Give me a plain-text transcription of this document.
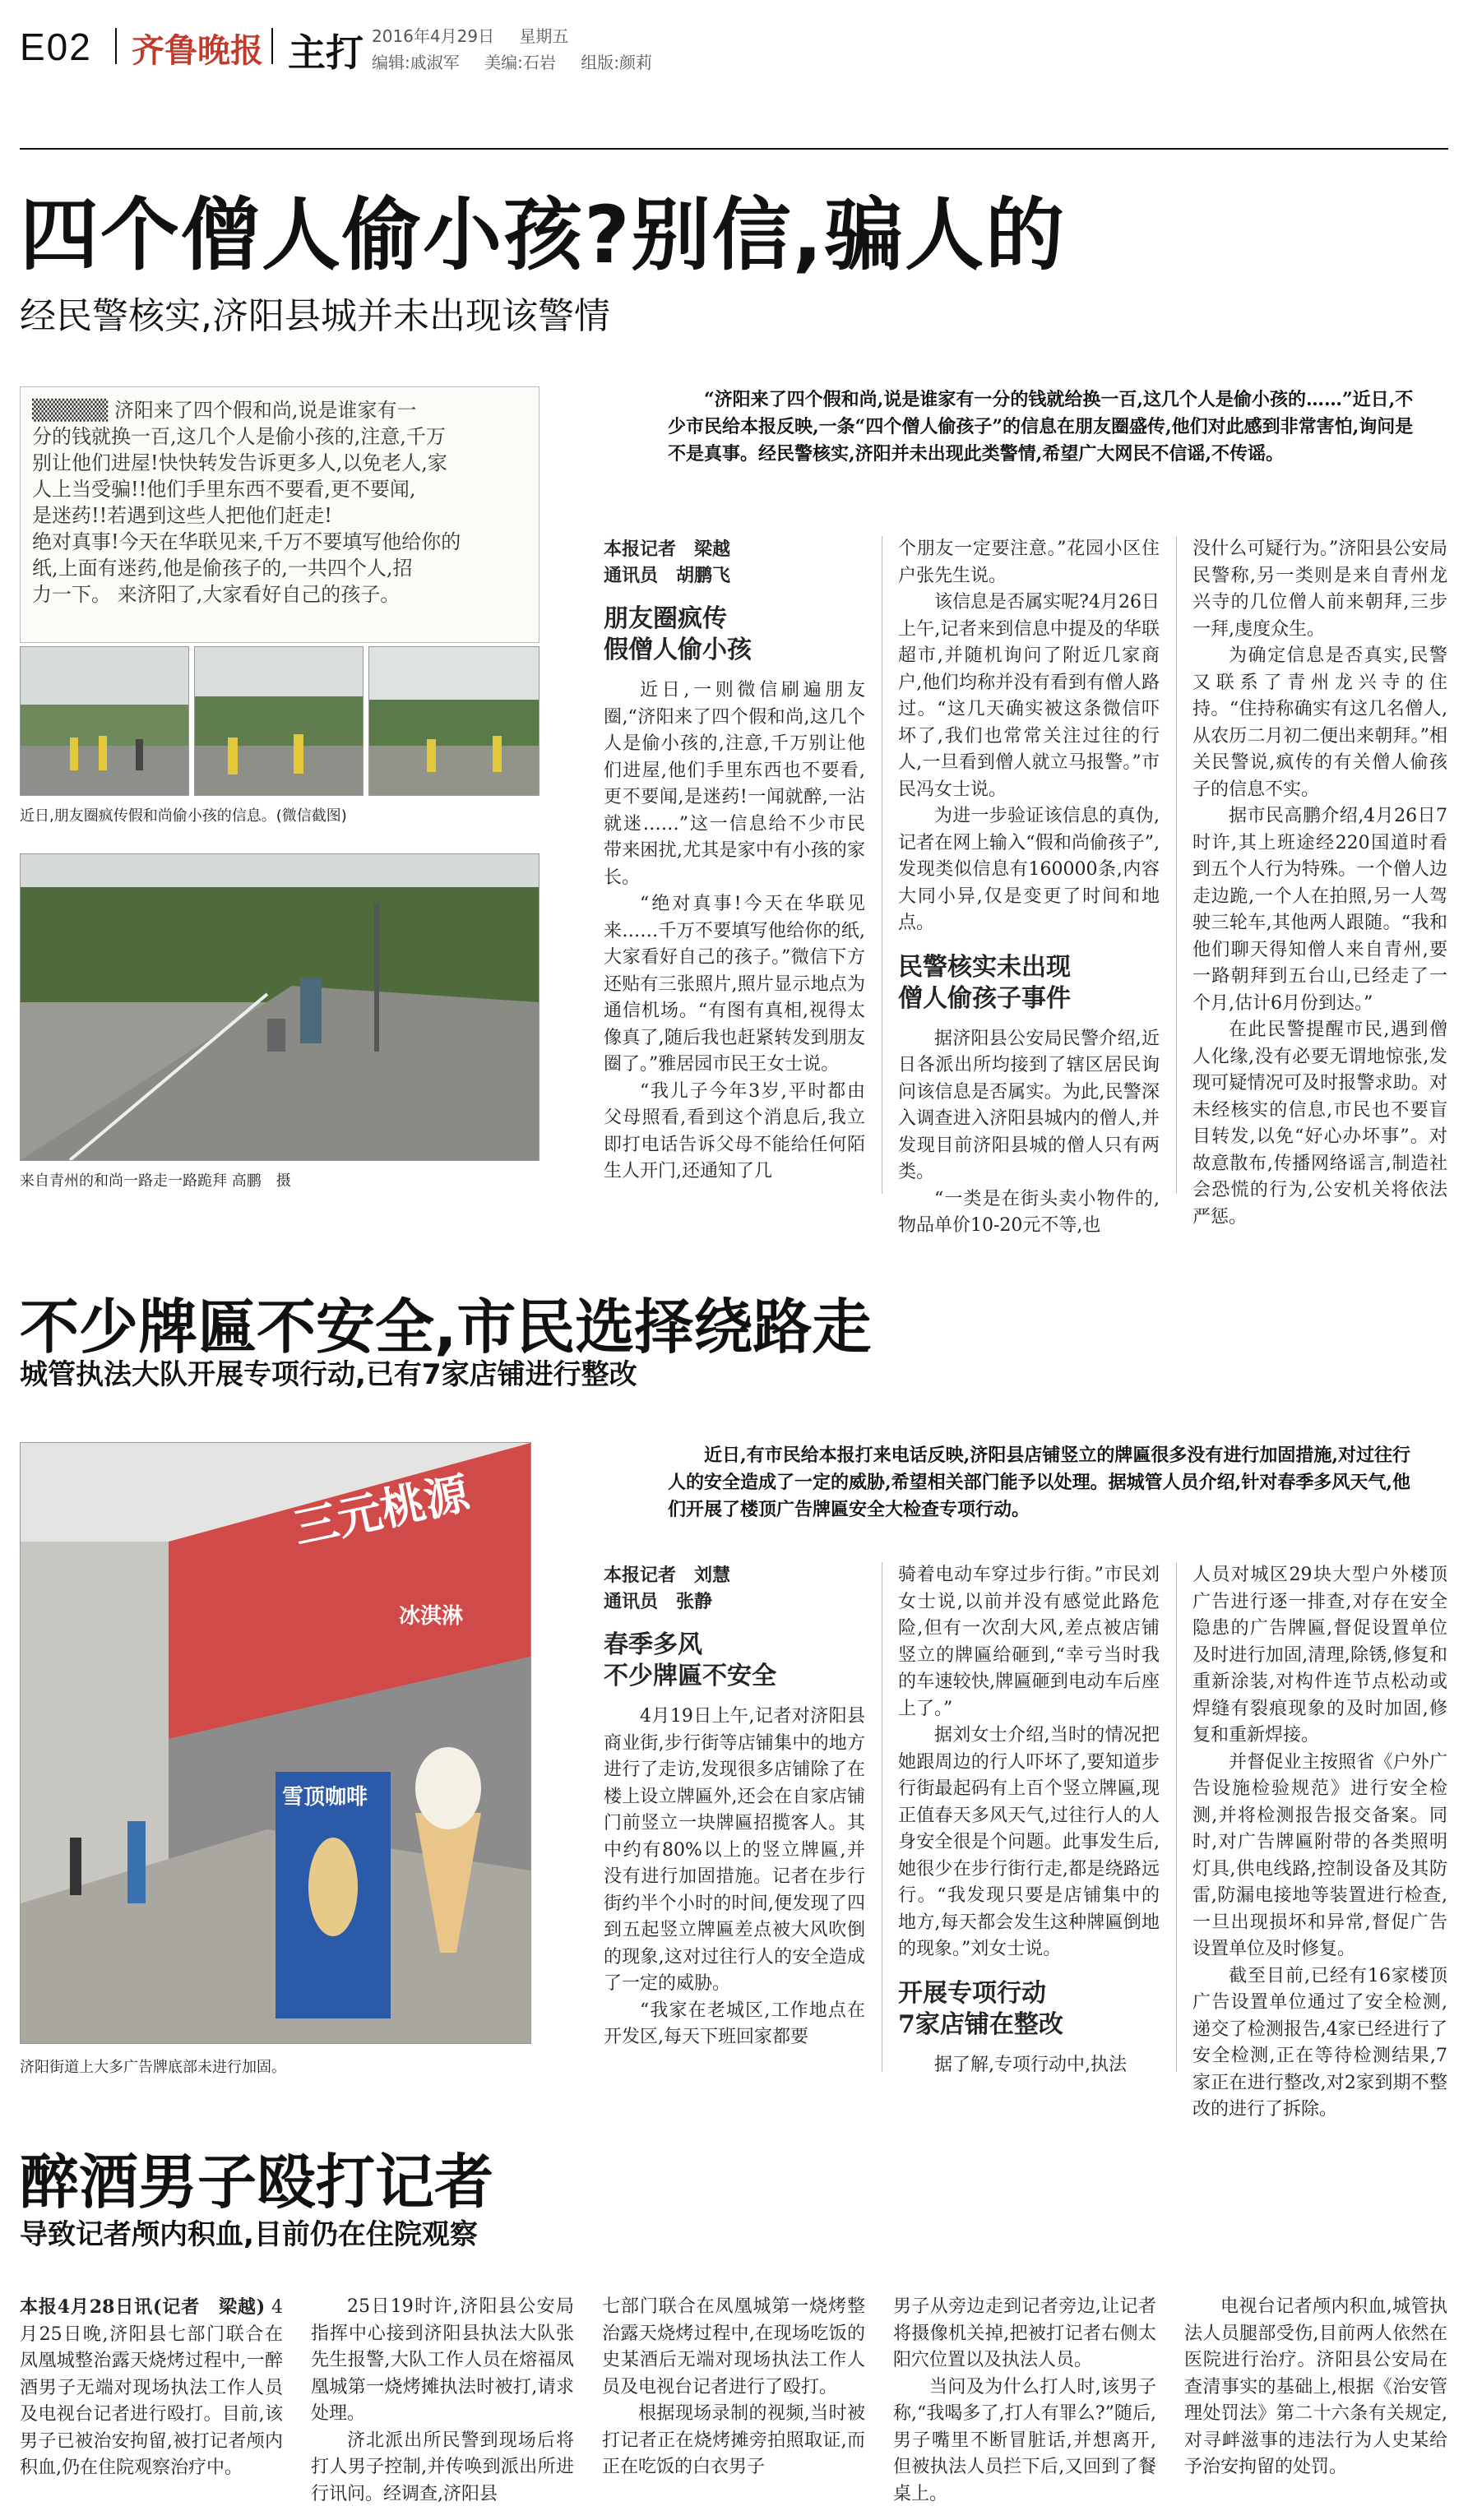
E02 齐鲁晚报 主打 2016年4月29日 星期五
编辑:戚淑军 美编:石岩 组版:颜莉
四个僧人偷小孩?别信,骗人的
经民警核实,济阳县城并未出现该警情
▒▒▒▒▒ 济阳来了四个假和尚,说是谁家有一
分的钱就换一百,这几个人是偷小孩的,注意,千万
别让他们进屋!快快转发告诉更多人,以免老人,家
人上当受骗!!他们手里东西不要看,更不要闻,
是迷药!!若遇到这些人把他们赶走!
绝对真事!今天在华联见来,千万不要填写他给你的
纸,上面有迷药,他是偷孩子的,一共四个人,招
力一下。 来济阳了,大家看好自己的孩子。
近日,朋友圈疯传假和尚偷小孩的信息。(微信截图)
来自青州的和尚一路走一路跪拜 高鹏　摄
“济阳来了四个假和尚,说是谁家有一分的钱就给换一百,这几个人是偷小孩的……”近日,不少市民给本报反映,一条“四个僧人偷孩子”的信息在朋友圈盛传,他们对此感到非常害怕,询问是不是真事。经民警核实,济阳并未出现此类警情,希望广大网民不信谣,不传谣。
本报记者　梁越
通讯员　胡鹏飞
朋友圈疯传
假僧人偷小孩

近日,一则微信刷遍朋友圈,“济阳来了四个假和尚,这几个人是偷小孩的,注意,千万别让他们进屋,他们手里东西也不要看,更不要闻,是迷药!一闻就醉,一沾就迷……”这一信息给不少市民带来困扰,尤其是家中有小孩的家长。

“绝对真事!今天在华联见来……千万不要填写他给你的纸,大家看好自己的孩子。”微信下方还贴有三张照片,照片显示地点为通信机场。“有图有真相,视得太像真了,随后我也赶紧转发到朋友圈了。”雅居园市民王女士说。

“我儿子今年3岁,平时都由父母照看,看到这个消息后,我立即打电话告诉父母不能给任何陌生人开门,还通知了几

个朋友一定要注意。”花园小区住户张先生说。

该信息是否属实呢?4月26日上午,记者来到信息中提及的华联超市,并随机询问了附近几家商户,他们均称并没有看到有僧人路过。“这几天确实被这条微信吓坏了,我们也常常关注过往的行人,一旦看到僧人就立马报警。”市民冯女士说。

为进一步验证该信息的真伪,记者在网上输入“假和尚偷孩子”,发现类似信息有160000条,内容大同小异,仅是变更了时间和地点。

民警核实未出现
僧人偷孩子事件

据济阳县公安局民警介绍,近日各派出所均接到了辖区居民询问该信息是否属实。为此,民警深入调查进入济阳县城内的僧人,并发现目前济阳县城的僧人只有两类。

“一类是在街头卖小物件的,物品单价10-20元不等,也

没什么可疑行为。”济阳县公安局民警称,另一类则是来自青州龙兴寺的几位僧人前来朝拜,三步一拜,虔度众生。

为确定信息是否真实,民警又联系了青州龙兴寺的住持。“住持称确实有这几名僧人,从农历二月初二便出来朝拜。”相关民警说,疯传的有关僧人偷孩子的信息不实。

据市民高鹏介绍,4月26日7时许,其上班途经220国道时看到五个人行为特殊。一个僧人边走边跪,一个人在拍照,另一人驾驶三轮车,其他两人跟随。“我和他们聊天得知僧人来自青州,要一路朝拜到五台山,已经走了一个月,估计6月份到达。”

在此民警提醒市民,遇到僧人化缘,没有必要无谓地惊张,发现可疑情况可及时报警求助。对未经核实的信息,市民也不要盲目转发,以免“好心办坏事”。对故意散布,传播网络谣言,制造社会恐慌的行为,公安机关将依法严惩。

不少牌匾不安全,市民选择绕路走
城管执法大队开展专项行动,已有7家店铺进行整改
三元桃源
冰淇淋
雪顶咖啡
济阳街道上大多广告牌底部未进行加固。
近日,有市民给本报打来电话反映,济阳县店铺竖立的牌匾很多没有进行加固措施,对过往行人的安全造成了一定的威胁,希望相关部门能予以处理。据城管人员介绍,针对春季多风天气,他们开展了楼顶广告牌匾安全大检查专项行动。
本报记者　刘慧
通讯员　张静
春季多风
不少牌匾不安全

4月19日上午,记者对济阳县商业街,步行街等店铺集中的地方进行了走访,发现很多店铺除了在楼上设立牌匾外,还会在自家店铺门前竖立一块牌匾招揽客人。其中约有80%以上的竖立牌匾,并没有进行加固措施。记者在步行街约半个小时的时间,便发现了四到五起竖立牌匾差点被大风吹倒的现象,这对过往行人的安全造成了一定的威胁。

“我家在老城区,工作地点在开发区,每天下班回家都要

骑着电动车穿过步行街。”市民刘女士说,以前并没有感觉此路危险,但有一次刮大风,差点被店铺竖立的牌匾给砸到,“幸亏当时我的车速较快,牌匾砸到电动车后座上了。”

据刘女士介绍,当时的情况把她跟周边的行人吓坏了,要知道步行街最起码有上百个竖立牌匾,现正值春天多风天气,过往行人的人身安全很是个问题。此事发生后,她很少在步行街行走,都是绕路远行。“我发现只要是店铺集中的地方,每天都会发生这种牌匾倒地的现象。”刘女士说。

开展专项行动
7家店铺在整改

据了解,专项行动中,执法

人员对城区29块大型户外楼顶广告进行逐一排查,对存在安全隐患的广告牌匾,督促设置单位及时进行加固,清理,除锈,修复和重新涂装,对构件连节点松动或焊缝有裂痕现象的及时加固,修复和重新焊接。

并督促业主按照省《户外广告设施检验规范》进行安全检测,并将检测报告报交备案。同时,对广告牌匾附带的各类照明灯具,供电线路,控制设备及其防雷,防漏电接地等装置进行检查,一旦出现损坏和异常,督促广告设置单位及时修复。

截至目前,已经有16家楼顶广告设置单位通过了安全检测,递交了检测报告,4家已经进行了安全检测,正在等待检测结果,7家正在进行整改,对2家到期不整改的进行了拆除。

醉酒男子殴打记者
导致记者颅内积血,目前仍在住院观察
本报4月28日讯(记者　梁越) 4月25日晚,济阳县七部门联合在凤凰城整治露天烧烤过程中,一醉酒男子无端对现场执法工作人员及电视台记者进行殴打。目前,该男子已被治安拘留,被打记者颅内积血,仍在住院观察治疗中。

25日19时许,济阳县公安局指挥中心接到济阳县执法大队张先生报警,大队工作人员在熔福凤凰城第一烧烤摊执法时被打,请求处理。

济北派出所民警到现场后将打人男子控制,并传唤到派出所进行讯问。经调查,济阳县

七部门联合在凤凰城第一烧烤整治露天烧烤过程中,在现场吃饭的史某酒后无端对现场执法工作人员及电视台记者进行了殴打。

根据现场录制的视频,当时被打记者正在烧烤摊旁拍照取证,而正在吃饭的白衣男子

男子从旁边走到记者旁边,让记者将摄像机关掉,把被打记者右侧太阳穴位置以及执法人员。

当问及为什么打人时,该男子称,“我喝多了,打人有罪么?”随后,男子嘴里不断冒脏话,并想离开,但被执法人员拦下后,又回到了餐桌上。

电视台记者颅内积血,城管执法人员腿部受伤,目前两人依然在医院进行治疗。济阳县公安局在查清事实的基础上,根据《治安管理处罚法》第二十六条有关规定,对寻衅滋事的违法行为人史某给予治安拘留的处罚。
